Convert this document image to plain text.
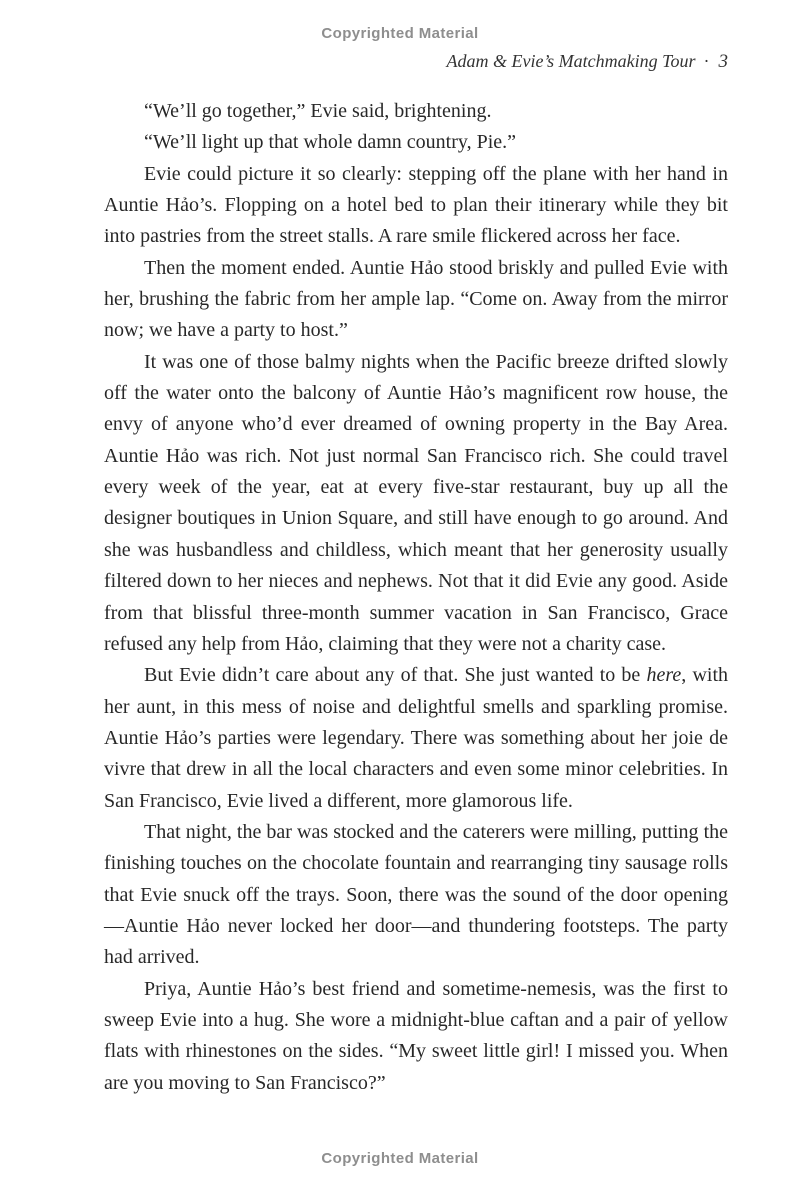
Copyrighted Material
Adam & Evie’s Matchmaking Tour · 3

“We’ll go together,” Evie said, brightening.

“We’ll light up that whole damn country, Pie.”

Evie could picture it so clearly: stepping off the plane with her hand in Auntie Hảo’s. Flopping on a hotel bed to plan their itinerary while they bit into pastries from the street stalls. A rare smile flickered across her face.

Then the moment ended. Auntie Hảo stood briskly and pulled Evie with her, brushing the fabric from her ample lap. “Come on. Away from the mirror now; we have a party to host.”

It was one of those balmy nights when the Pacific breeze drifted slowly off the water onto the balcony of Auntie Hảo’s magnificent row house, the envy of anyone who’d ever dreamed of owning property in the Bay Area. Auntie Hảo was rich. Not just normal San Francisco rich. She could travel every week of the year, eat at every five-star restaurant, buy up all the designer boutiques in Union Square, and still have enough to go around. And she was husbandless and childless, which meant that her generosity usually filtered down to her nieces and nephews. Not that it did Evie any good. Aside from that blissful three-month summer vacation in San Francisco, Grace refused any help from Hảo, claiming that they were not a charity case.

But Evie didn’t care about any of that. She just wanted to be here, with her aunt, in this mess of noise and delightful smells and sparkling promise. Auntie Hảo’s parties were legendary. There was something about her joie de vivre that drew in all the local characters and even some minor celebrities. In San Francisco, Evie lived a different, more glamorous life.

That night, the bar was stocked and the caterers were milling, putting the finishing touches on the chocolate fountain and rearranging tiny sausage rolls that Evie snuck off the trays. Soon, there was the sound of the door opening—Auntie Hảo never locked her door—and thundering footsteps. The party had arrived.

Priya, Auntie Hảo’s best friend and sometime-nemesis, was the first to sweep Evie into a hug. She wore a midnight-blue caftan and a pair of yellow flats with rhinestones on the sides. “My sweet little girl! I missed you. When are you moving to San Francisco?”

Copyrighted Material
